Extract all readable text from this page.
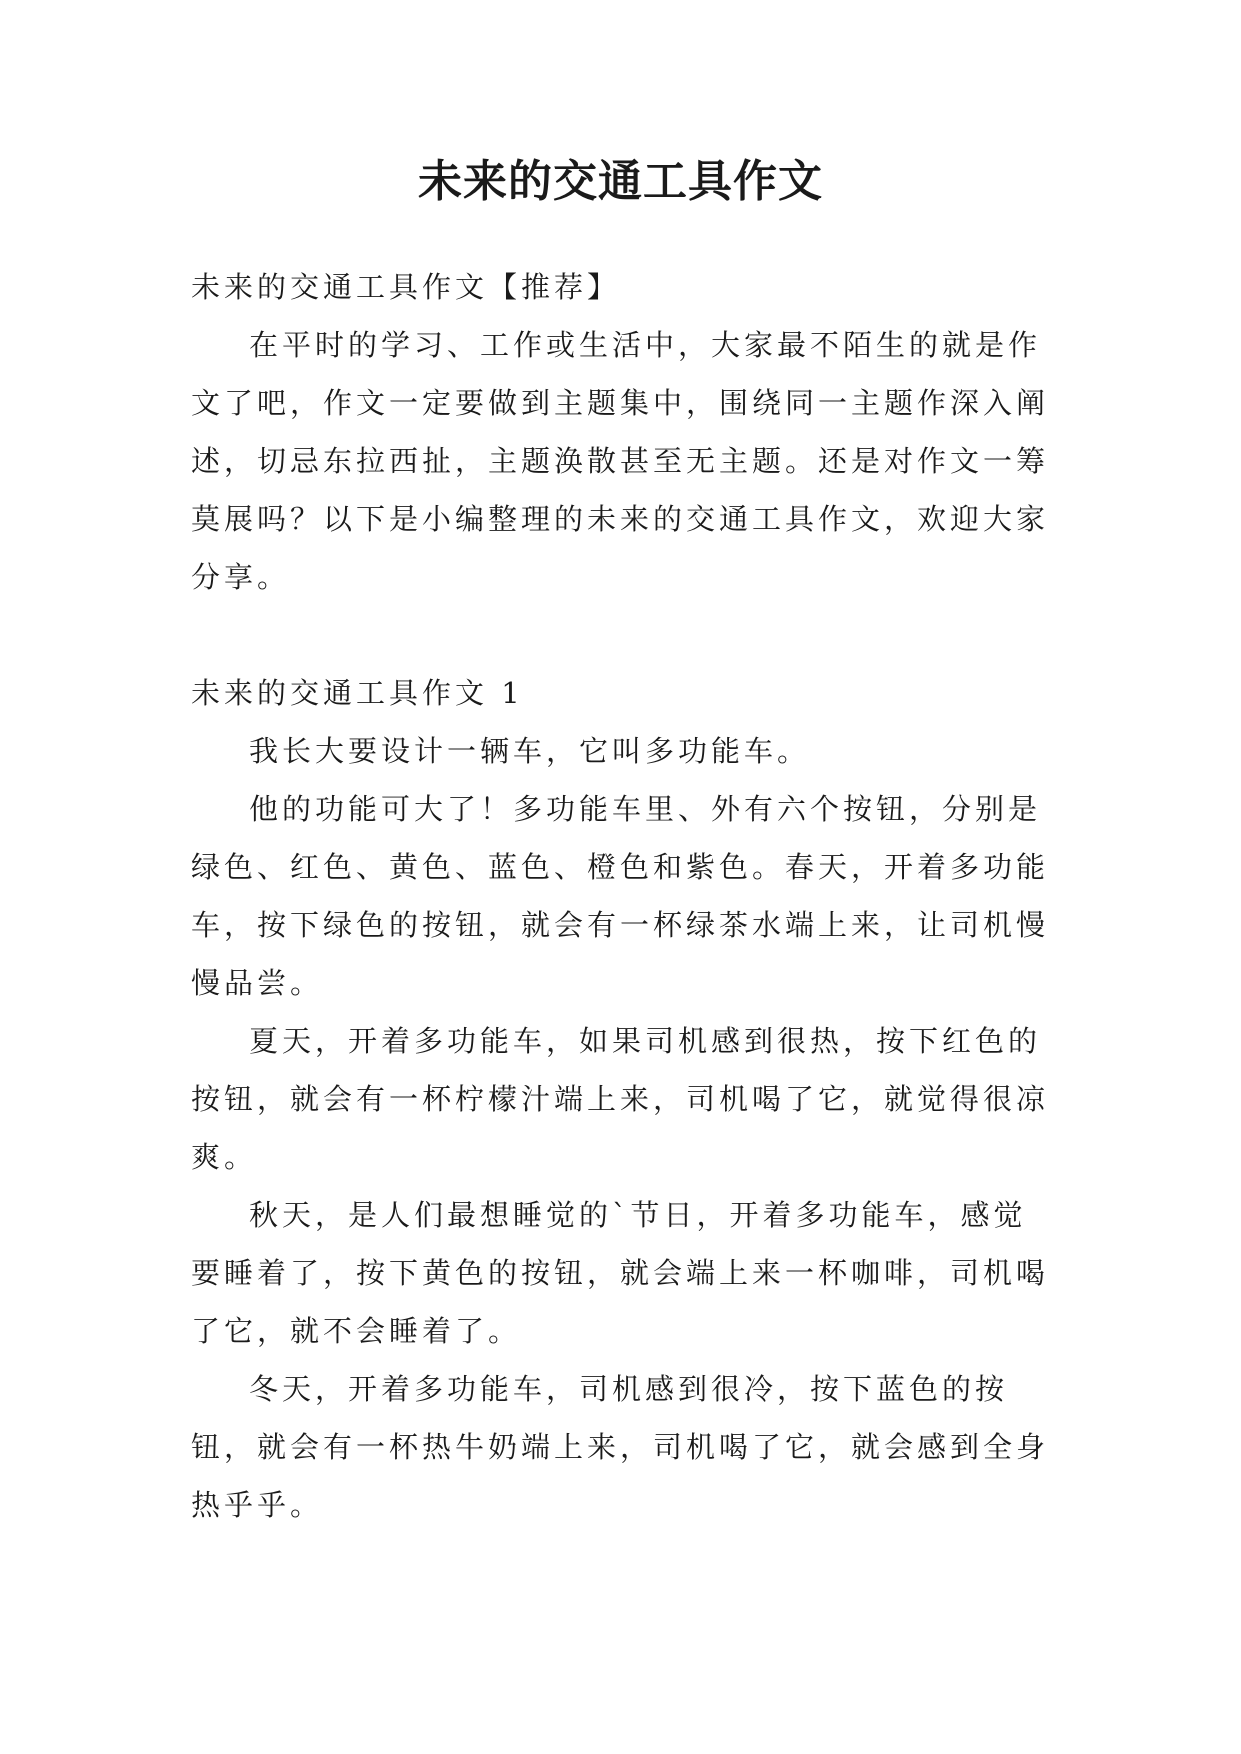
未来的交通工具作文

未来的交通工具作文【推荐】

在平时的学习、工作或生活中，大家最不陌生的就是作文了吧，作文一定要做到主题集中，围绕同一主题作深入阐述，切忌东拉西扯，主题涣散甚至无主题。还是对作文一筹莫展吗？以下是小编整理的未来的交通工具作文，欢迎大家分享。

未来的交通工具作文 1

我长大要设计一辆车，它叫多功能车。

他的功能可大了！多功能车里、外有六个按钮，分别是绿色、红色、黄色、蓝色、橙色和紫色。春天，开着多功能车，按下绿色的按钮，就会有一杯绿茶水端上来，让司机慢慢品尝。

夏天，开着多功能车，如果司机感到很热，按下红色的按钮，就会有一杯柠檬汁端上来，司机喝了它，就觉得很凉爽。

秋天，是人们最想睡觉的`节日，开着多功能车，感觉要睡着了，按下黄色的按钮，就会端上来一杯咖啡，司机喝了它，就不会睡着了。

冬天，开着多功能车，司机感到很冷，按下蓝色的按钮，就会有一杯热牛奶端上来，司机喝了它，就会感到全身热乎乎。
